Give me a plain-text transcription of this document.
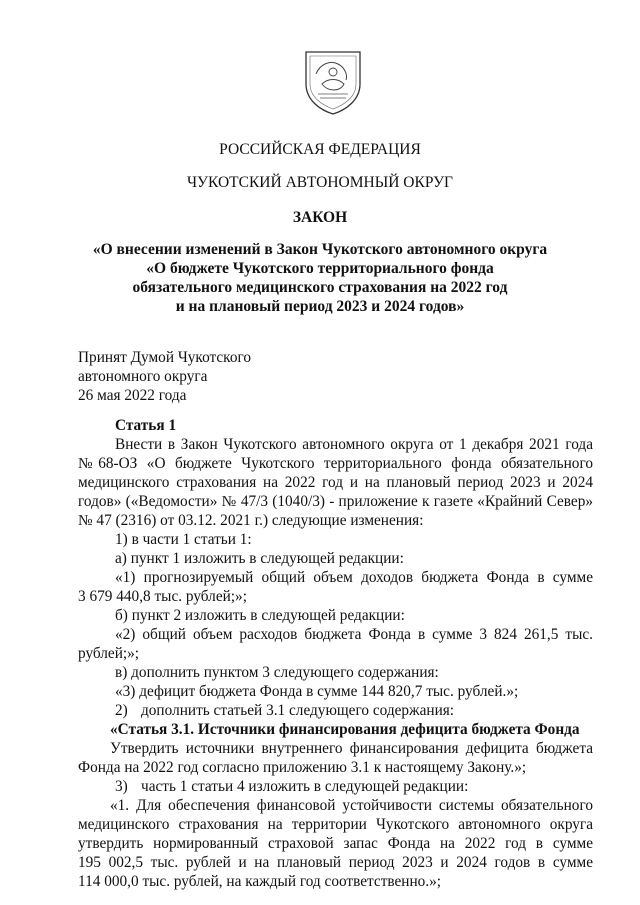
РОССИЙСКАЯ ФЕДЕРАЦИЯ
ЧУКОТСКИЙ АВТОНОМНЫЙ ОКРУГ
ЗАКОН
«О внесении изменений в Закон Чукотского автономного округа
«О бюджете Чукотского территориального фонда
обязательного медицинского страхования на 2022 год
и на плановый период 2023 и 2024 годов»
Принят Думой Чукотского
автономного округа
26 мая 2022 года
Статья 1
Внести в Закон Чукотского автономного округа от 1 декабря 2021 года
№68-ОЗ «О бюджете Чукотского территориального фонда обязательного
медицинского страхования на 2022 год и на плановый период 2023 и 2024
годов» («Ведомости» № 47/3 (1040/3) - приложение к газете «Крайний Север»
№ 47 (2316) от 03.12. 2021 г.) следующие изменения:
1) в части 1 статьи 1:
а) пункт 1 изложить в следующей редакции:
«1) прогнозируемый общий объем доходов бюджета Фонда в сумме
3 679 440,8 тыс. рублей;»;
б) пункт 2 изложить в следующей редакции:
«2) общий объем расходов бюджета Фонда в сумме 3 824 261,5 тыс.
рублей;»;
в) дополнить пунктом 3 следующего содержания:
«3) дефицит бюджета Фонда в сумме 144 820,7 тыс. рублей.»;
2) дополнить статьей 3.1 следующего содержания:
«Статья 3.1. Источники финансирования дефицита бюджета Фонда
Утвердить источники внутреннего финансирования дефицита бюджета
Фонда на 2022 год согласно приложению 3.1 к настоящему Закону.»;
3) часть 1 статьи 4 изложить в следующей редакции:
«1. Для обеспечения финансовой устойчивости системы обязательного
медицинского страхования на территории Чукотского автономного округа
утвердить нормированный страховой запас Фонда на 2022 год в сумме
195 002,5 тыс. рублей и на плановый период 2023 и 2024 годов в сумме
114 000,0 тыс. рублей, на каждый год соответственно.»;
